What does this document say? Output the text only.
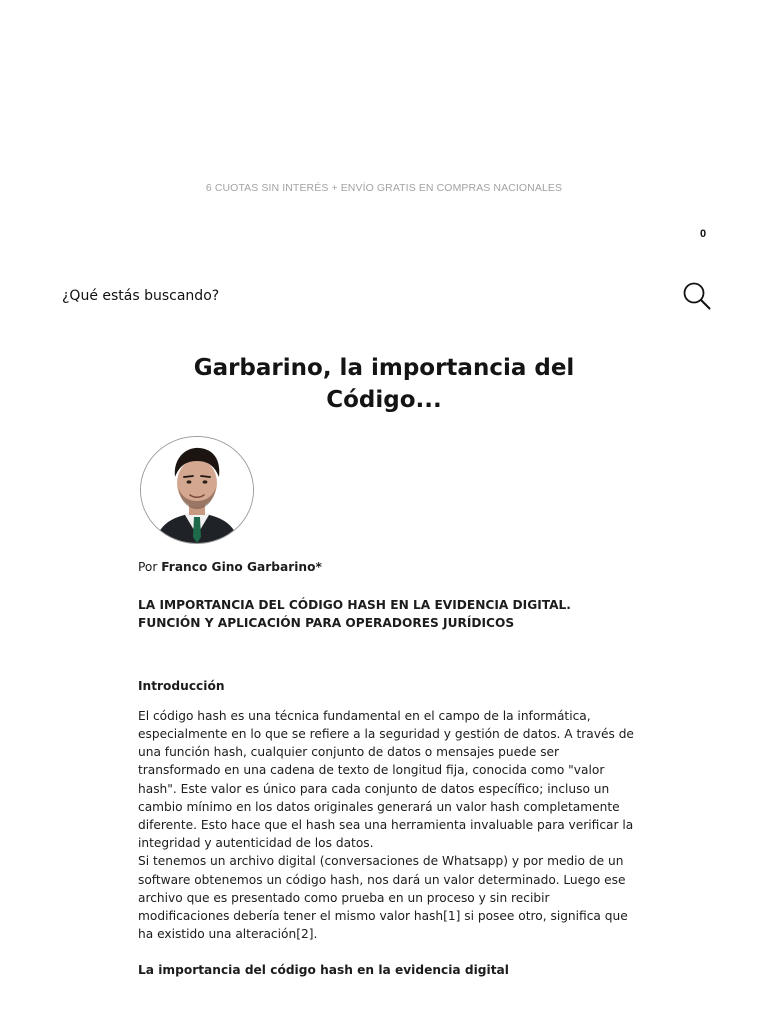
6 CUOTAS SIN INTERÉS + ENVÍO GRATIS EN COMPRAS NACIONALES
0
¿Qué estás buscando?
Garbarino, la importancia del Código...

Por Franco Gino Garbarino*

LA IMPORTANCIA DEL CÓDIGO HASH EN LA EVIDENCIA DIGITAL.
FUNCIÓN Y APLICACIÓN PARA OPERADORES JURÍDICOS

Introducción

El código hash es una técnica fundamental en el campo de la informática, especialmente en lo que se refiere a la seguridad y gestión de datos. A través de una función hash, cualquier conjunto de datos o mensajes puede ser transformado en una cadena de texto de longitud fija, conocida como "valor hash". Este valor es único para cada conjunto de datos específico; incluso un cambio mínimo en los datos originales generará un valor hash completamente diferente. Esto hace que el hash sea una herramienta invaluable para verificar la integridad y autenticidad de los datos.

Si tenemos un archivo digital (conversaciones de Whatsapp) y por medio de un software obtenemos un código hash, nos dará un valor determinado. Luego ese archivo que es presentado como prueba en un proceso y sin recibir modificaciones debería tener el mismo valor hash[1] si posee otro, significa que ha existido una alteración[2].

La importancia del código hash en la evidencia digital
